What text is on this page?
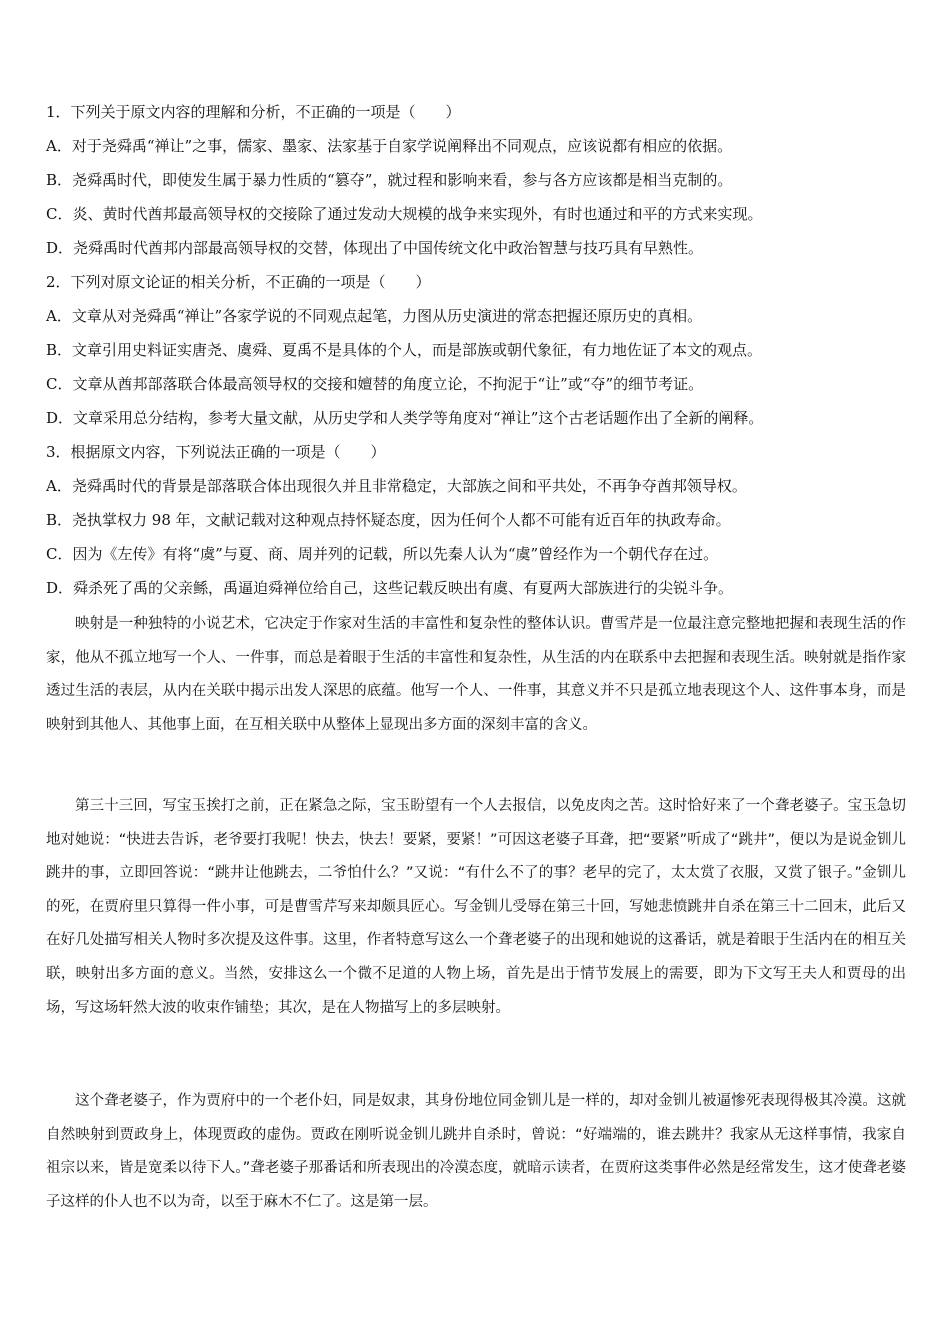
1．下列关于原文内容的理解和分析，不正确的一项是（　　）
A．对于尧舜禹“禅让”之事，儒家、墨家、法家基于自家学说阐释出不同观点，应该说都有相应的依据。
B．尧舜禹时代，即使发生属于暴力性质的“篡夺”，就过程和影响来看，参与各方应该都是相当克制的。
C．炎、黄时代酋邦最高领导权的交接除了通过发动大规模的战争来实现外，有时也通过和平的方式来实现。
D．尧舜禹时代酋邦内部最高领导权的交替，体现出了中国传统文化中政治智慧与技巧具有早熟性。
2．下列对原文论证的相关分析，不正确的一项是（　　）
A．文章从对尧舜禹“禅让”各家学说的不同观点起笔，力图从历史演进的常态把握还原历史的真相。
B．文章引用史料证实唐尧、虞舜、夏禹不是具体的个人，而是部族或朝代象征，有力地佐证了本文的观点。
C．文章从酋邦部落联合体最高领导权的交接和嬗替的角度立论，不拘泥于“让”或“夺”的细节考证。
D．文章采用总分结构，参考大量文献，从历史学和人类学等角度对“禅让”这个古老话题作出了全新的阐释。
3．根据原文内容，下列说法正确的一项是（　　）
A．尧舜禹时代的背景是部落联合体出现很久并且非常稳定，大部族之间和平共处，不再争夺酋邦领导权。
B．尧执掌权力 98 年，文献记载对这种观点持怀疑态度，因为任何个人都不可能有近百年的执政寿命。
C．因为《左传》有将“虞”与夏、商、周并列的记载，所以先秦人认为“虞”曾经作为一个朝代存在过。
D．舜杀死了禹的父亲鲧，禹逼迫舜禅位给自己，这些记载反映出有虞、有夏两大部族进行的尖锐斗争。

映射是一种独特的小说艺术，它决定于作家对生活的丰富性和复杂性的整体认识。曹雪芹是一位最注意完整地把握和表现生活的作家，他从不孤立地写一个人、一件事，而总是着眼于生活的丰富性和复杂性，从生活的内在联系中去把握和表现生活。映射就是指作家透过生活的表层，从内在关联中揭示出发人深思的底蕴。他写一个人、一件事，其意义并不只是孤立地表现这个人、这件事本身，而是映射到其他人、其他事上面，在互相关联中从整体上显现出多方面的深刻丰富的含义。

第三十三回，写宝玉挨打之前，正在紧急之际，宝玉盼望有一个人去报信，以免皮肉之苦。这时恰好来了一个聋老婆子。宝玉急切地对她说：“快进去告诉，老爷要打我呢！快去，快去！要紧，要紧！”可因这老婆子耳聋，把“要紧”听成了“跳井”，便以为是说金钏儿跳井的事，立即回答说：“跳井让他跳去，二爷怕什么？”又说：“有什么不了的事？老早的完了，太太赏了衣服，又赏了银子。”金钏儿的死，在贾府里只算得一件小事，可是曹雪芹写来却颇具匠心。写金钏儿受辱在第三十回，写她悲愤跳井自杀在第三十二回末，此后又在好几处描写相关人物时多次提及这件事。这里，作者特意写这么一个聋老婆子的出现和她说的这番话，就是着眼于生活内在的相互关联，映射出多方面的意义。当然，安排这么一个微不足道的人物上场，首先是出于情节发展上的需要，即为下文写王夫人和贾母的出场，写这场轩然大波的收束作铺垫；其次，是在人物描写上的多层映射。

这个聋老婆子，作为贾府中的一个老仆妇，同是奴隶，其身份地位同金钏儿是一样的，却对金钏儿被逼惨死表现得极其冷漠。这就自然映射到贾政身上，体现贾政的虚伪。贾政在刚听说金钏儿跳井自杀时，曾说：“好端端的，谁去跳井？我家从无这样事情，我家自祖宗以来，皆是宽柔以待下人。”聋老婆子那番话和所表现出的冷漠态度，就暗示读者，在贾府这类事件必然是经常发生，这才使聋老婆子这样的仆人也不以为奇，以至于麻木不仁了。这是第一层。
